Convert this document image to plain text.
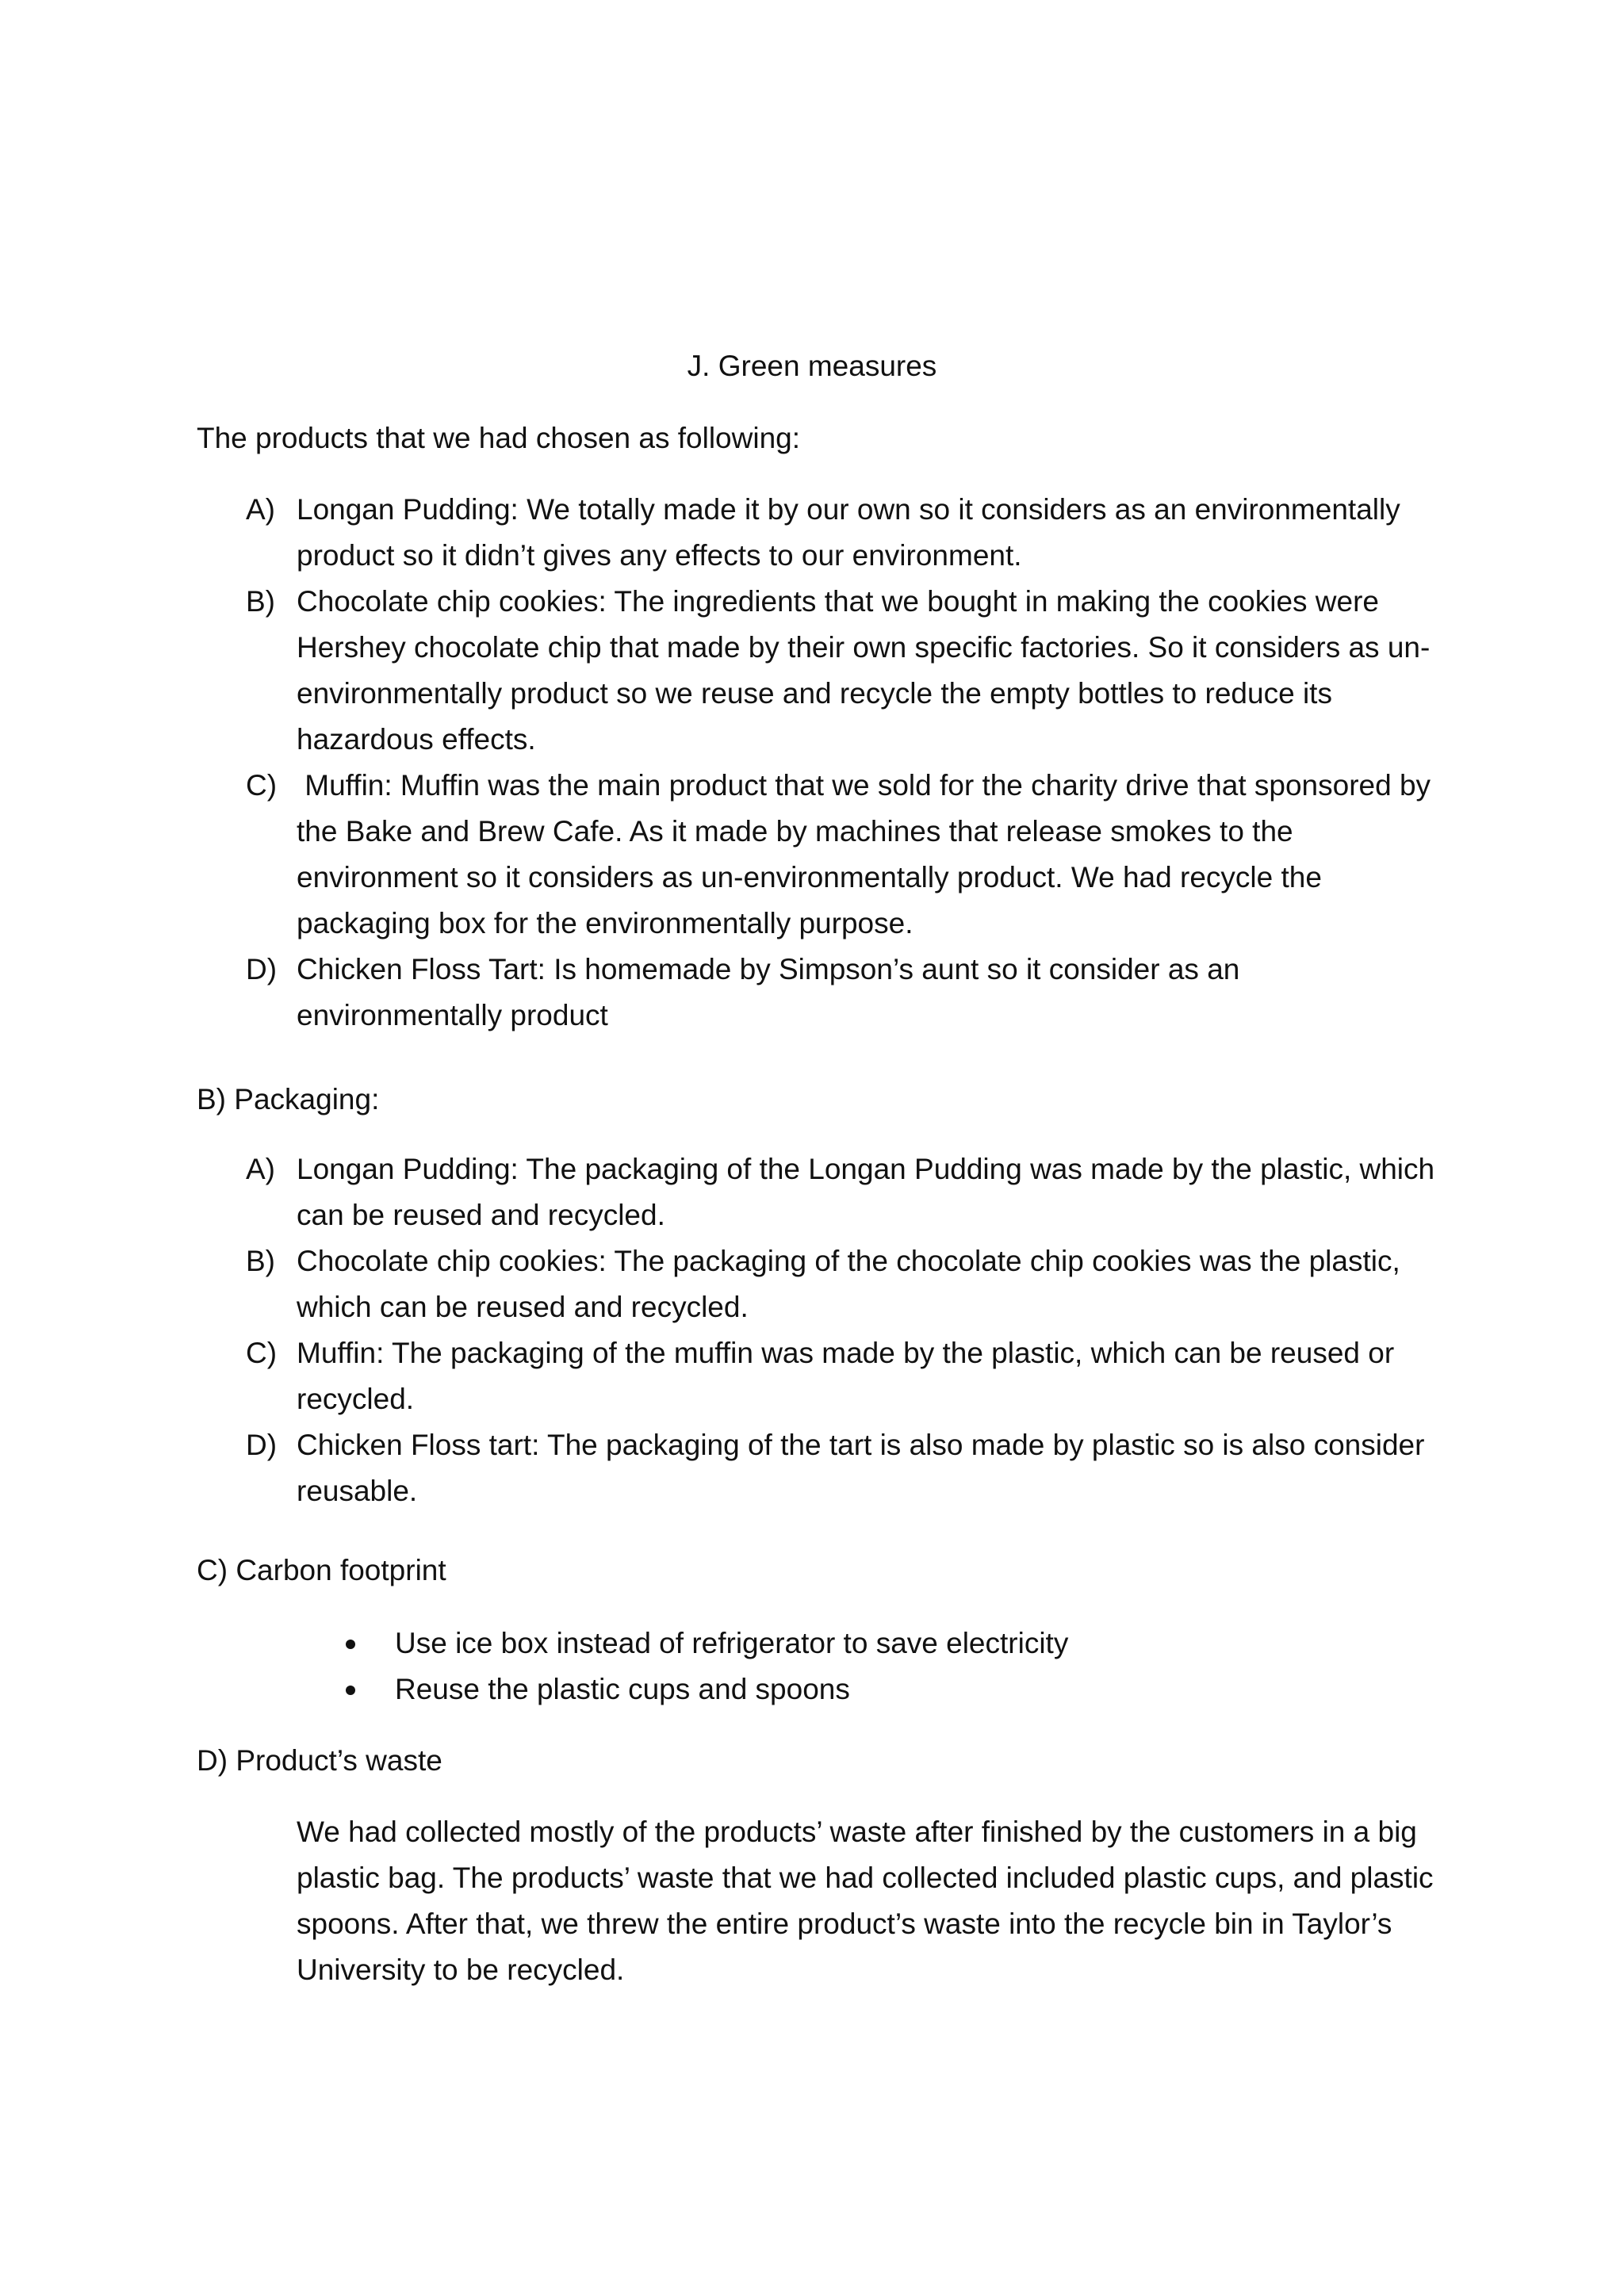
J. Green measures
The products that we had chosen as following:
A) Longan Pudding: We totally made it by our own so it considers as an environmentally product so it didn’t gives any effects to our environment.
B) Chocolate chip cookies: The ingredients that we bought in making the cookies were Hershey chocolate chip that made by their own specific factories. So it considers as un-environmentally product so we reuse and recycle the empty bottles to reduce its hazardous effects.
C) Muffin: Muffin was the main product that we sold for the charity drive that sponsored by the Bake and Brew Cafe. As it made by machines that release smokes to the environment so it considers as un-environmentally product. We had recycle the packaging box for the environmentally purpose.
D) Chicken Floss Tart: Is homemade by Simpson’s aunt so it consider as an environmentally product
B) Packaging:
A) Longan Pudding: The packaging of the Longan Pudding was made by the plastic, which can be reused and recycled.
B) Chocolate chip cookies: The packaging of the chocolate chip cookies was the plastic, which can be reused and recycled.
C) Muffin: The packaging of the muffin was made by the plastic, which can be reused or recycled.
D) Chicken Floss tart: The packaging of the tart is also made by plastic so is also consider reusable.
C) Carbon footprint
Use ice box instead of refrigerator to save electricity
Reuse the plastic cups and spoons
D) Product’s waste
We had collected mostly of the products’ waste after finished by the customers in a big plastic bag. The products’ waste that we had collected included plastic cups, and plastic spoons. After that, we threw the entire product’s waste into the recycle bin in Taylor’s University to be recycled.
